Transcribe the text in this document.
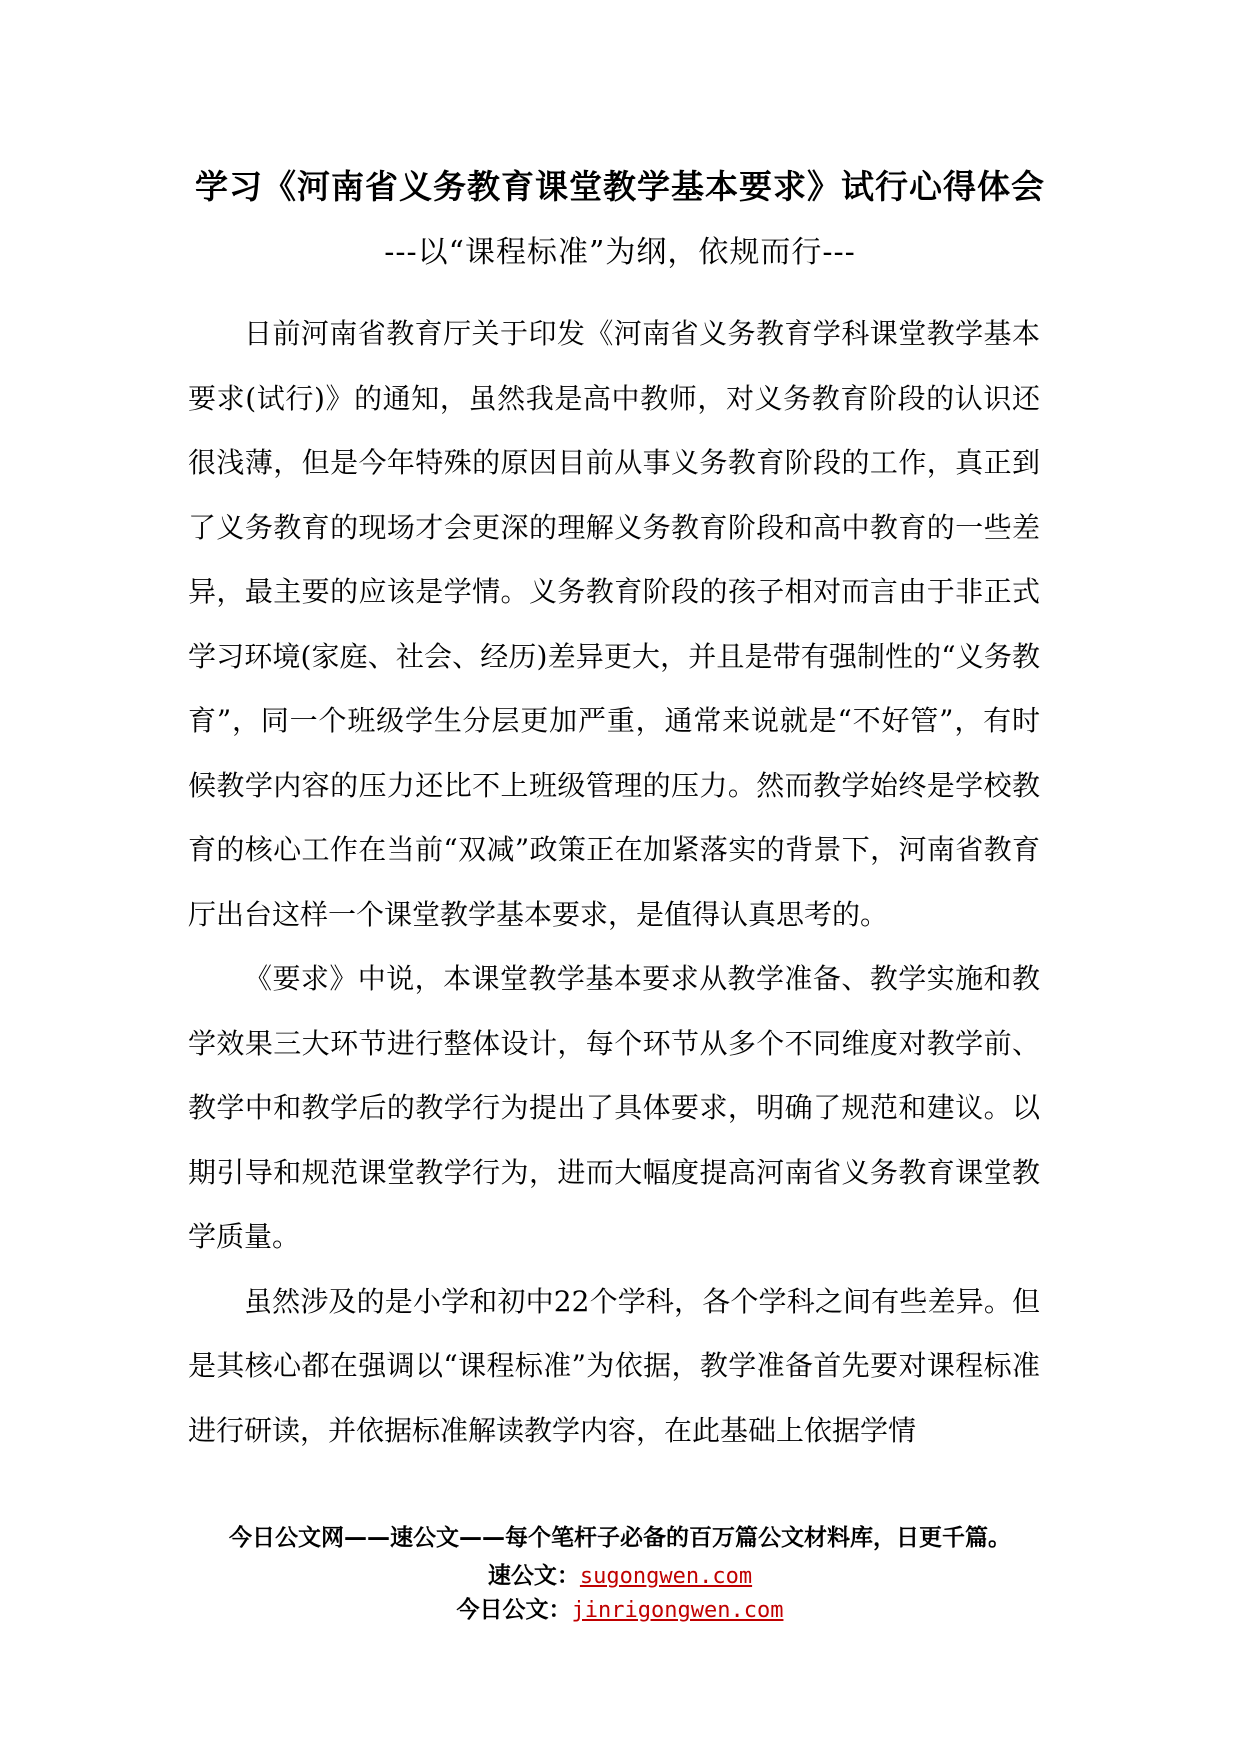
学习《河南省义务教育课堂教学基本要求》试行心得体会
---以“课程标准”为纲，依规而行---

日前河南省教育厅关于印发《河南省义务教育学科课堂教学基本要求(试行)》的通知，虽然我是高中教师，对义务教育阶段的认识还很浅薄，但是今年特殊的原因目前从事义务教育阶段的工作，真正到了义务教育的现场才会更深的理解义务教育阶段和高中教育的一些差异，最主要的应该是学情。义务教育阶段的孩子相对而言由于非正式学习环境(家庭、社会、经历)差异更大，并且是带有强制性的“义务教育”，同一个班级学生分层更加严重，通常来说就是“不好管”，有时候教学内容的压力还比不上班级管理的压力。然而教学始终是学校教育的核心工作在当前“双减”政策正在加紧落实的背景下，河南省教育厅出台这样一个课堂教学基本要求，是值得认真思考的。

《要求》中说，本课堂教学基本要求从教学准备、教学实施和教学效果三大环节进行整体设计，每个环节从多个不同维度对教学前、教学中和教学后的教学行为提出了具体要求，明确了规范和建议。以期引导和规范课堂教学行为，进而大幅度提高河南省义务教育课堂教学质量。

虽然涉及的是小学和初中22个学科，各个学科之间有些差异。但是其核心都在强调以“课程标准”为依据，教学准备首先要对课程标准进行研读，并依据标准解读教学内容，在此基础上依据学情

今日公文网——速公文——每个笔杆子必备的百万篇公文材料库，日更千篇。
速公文：sugongwen.com
今日公文：jinrigongwen.com
